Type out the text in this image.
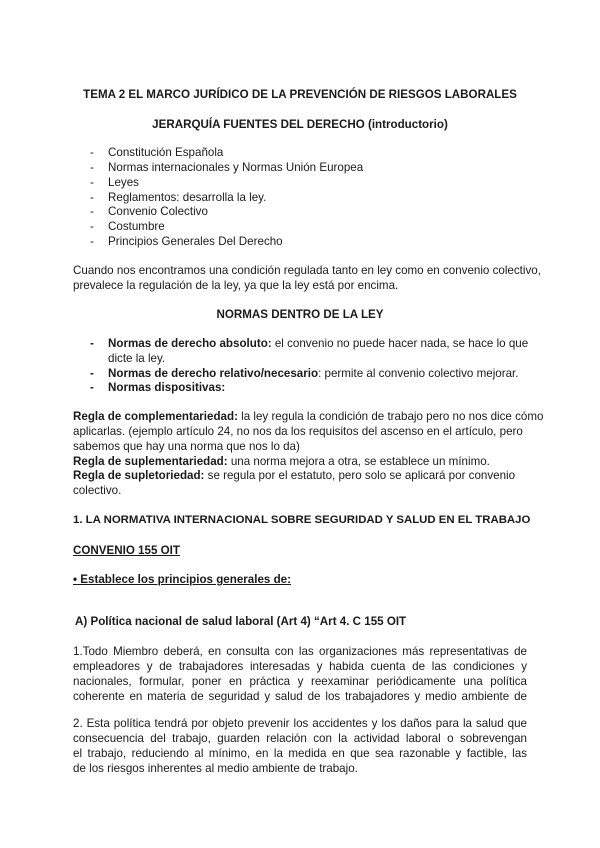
TEMA 2 EL MARCO JURÍDICO DE LA PREVENCIÓN DE RIESGOS LABORALES
JERARQUÍA FUENTES DEL DERECHO (introductorio)
- Constitución Española
- Normas internacionales y Normas Unión Europea
- Leyes
- Reglamentos: desarrolla la ley.
- Convenio Colectivo
- Costumbre
- Principios Generales Del Derecho
Cuando nos encontramos una condición regulada tanto en ley como en convenio colectivo,
prevalece la regulación de la ley, ya que la ley está por encima.
NORMAS DENTRO DE LA LEY
- Normas de derecho absoluto: el convenio no puede hacer nada, se hace lo que
dicte la ley.
- Normas de derecho relativo/necesario: permite al convenio colectivo mejorar.
- Normas dispositivas:
Regla de complementariedad: la ley regula la condición de trabajo pero no nos dice cómo
aplicarlas. (ejemplo artículo 24, no nos da los requisitos del ascenso en el artículo, pero
sabemos que hay una norma que nos lo da)
Regla de suplementariedad: una norma mejora a otra, se establece un mínimo.
Regla de supletoriedad: se regula por el estatuto, pero solo se aplicará por convenio
colectivo.
1. LA NORMATIVA INTERNACIONAL SOBRE SEGURIDAD Y SALUD EN EL TRABAJO
CONVENIO 155 OIT
• Establece los principios generales de:
A) Política nacional de salud laboral (Art 4) “Art 4. C 155 OIT
1.Todo Miembro deberá, en consulta con las organizaciones más representativas de
empleadores y de trabajadores interesadas y habida cuenta de las condiciones y
nacionales, formular, poner en práctica y reexaminar periódicamente una política
coherente en materia de seguridad y salud de los trabajadores y medio ambiente de
2. Esta política tendrá por objeto prevenir los accidentes y los daños para la salud que
consecuencia del trabajo, guarden relación con la actividad laboral o sobrevengan
el trabajo, reduciendo al mínimo, en la medida en que sea razonable y factible, las
de los riesgos inherentes al medio ambiente de trabajo.
